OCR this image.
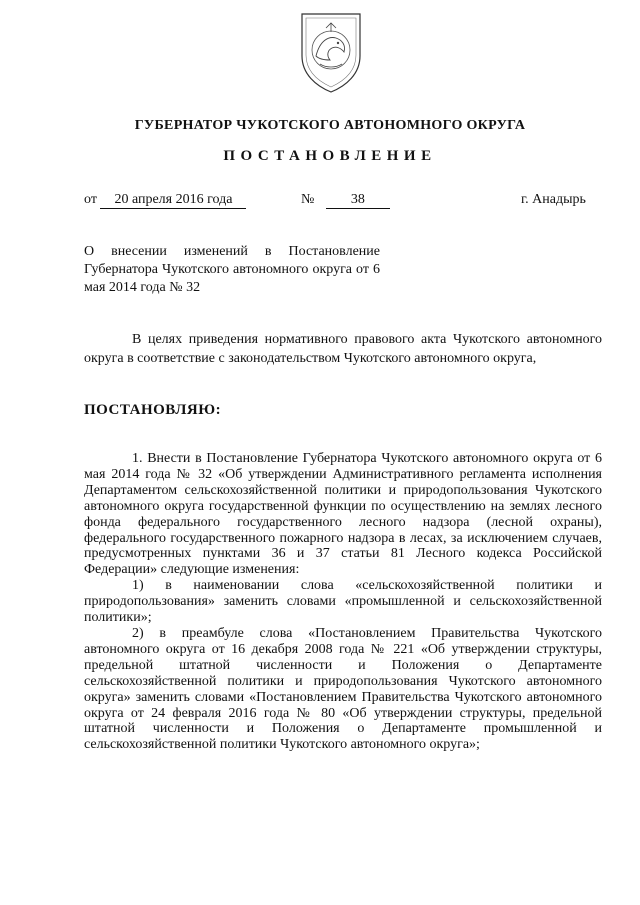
ГУБЕРНАТОР ЧУКОТСКОГО АВТОНОМНОГО ОКРУГА
ПОСТАНОВЛЕНИЕ
от 20 апреля 2016 года	№	38	г. Анадырь
О внесении изменений в Постановление Губернатора Чукотского автономного округа от 6 мая 2014 года № 32
В целях приведения нормативного правового акта Чукотского автономного округа в соответствие с законодательством Чукотского автономного округа,
ПОСТАНОВЛЯЮ:

1. Внести в Постановление Губернатора Чукотского автономного округа от 6 мая 2014 года № 32 «Об утверждении Административного регламента исполнения Департаментом сельскохозяйственной политики и природопользования Чукотского автономного округа государственной функции по осуществлению на землях лесного фонда федерального государственного лесного надзора (лесной охраны), федерального государственного пожарного надзора в лесах, за исключением случаев, предусмотренных пунктами 36 и 37 статьи 81 Лесного кодекса Российской Федерации» следующие изменения:

1) в наименовании слова «сельскохозяйственной политики и природопользования» заменить словами «промышленной и сельскохозяйственной политики»;

2) в преамбуле слова «Постановлением Правительства Чукотского автономного округа от 16 декабря 2008 года № 221 «Об утверждении структуры, предельной штатной численности и Положения о Департаменте сельскохозяйственной политики и природопользования Чукотского автономного округа» заменить словами «Постановлением Правительства Чукотского автономного округа от 24 февраля 2016 года № 80 «Об утверждении структуры, предельной штатной численности и Положения о Департаменте промышленной и сельскохозяйственной политики Чукотского автономного округа»;
